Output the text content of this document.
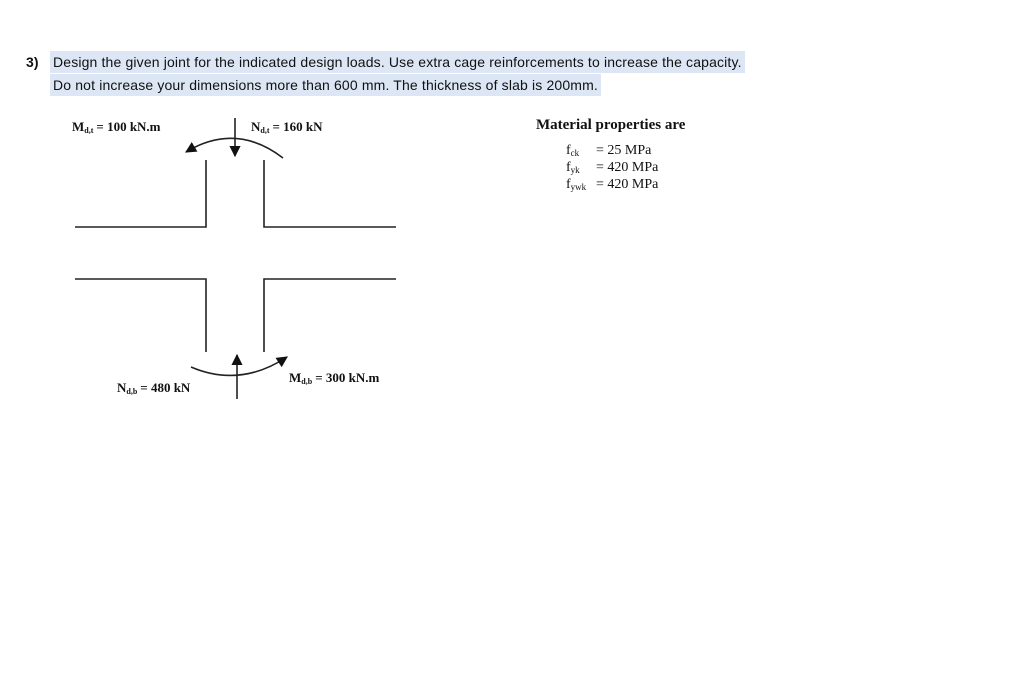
3) Design the given joint for the indicated design loads. Use extra cage reinforcements to increase the capacity.
Do not increase your dimensions more than 600 mm. The thickness of slab is 200mm.
Md,t = 100 kN.m	Nd,t = 160 kN
Md,b = 300 kN.m
Nd,b = 480 kN
Material properties are
$f_{ck} = 25$ MPa
$f_{yk} = 420$ MPa
$f_{ywk} = 420$ MPa
